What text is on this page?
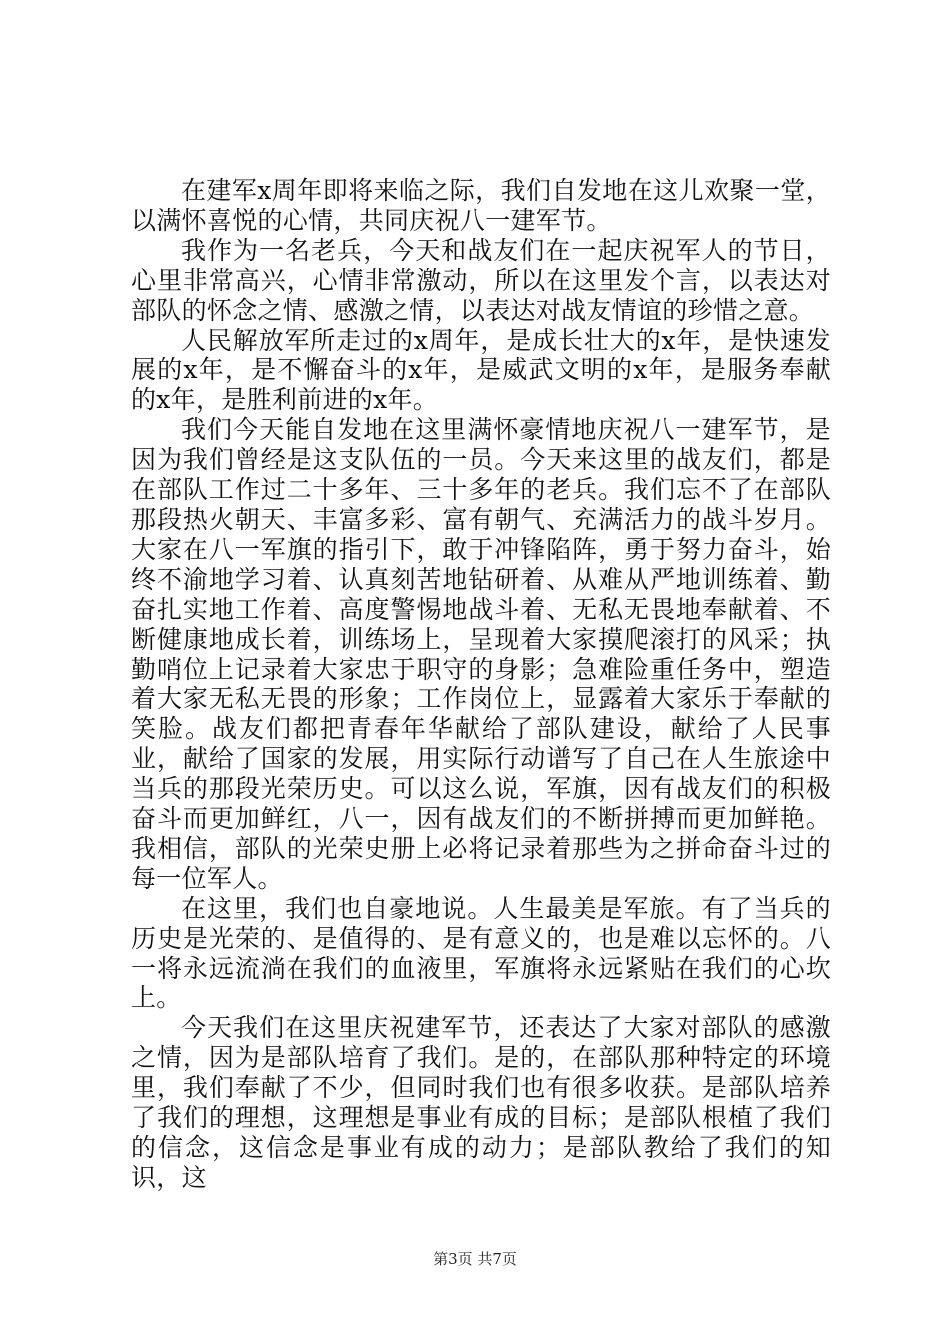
在建军x周年即将来临之际，我们自发地在这儿欢聚一堂，以满怀喜悦的心情，共同庆祝八一建军节。

我作为一名老兵，今天和战友们在一起庆祝军人的节日，心里非常高兴，心情非常激动，所以在这里发个言，以表达对部队的怀念之情、感激之情，以表达对战友情谊的珍惜之意。

人民解放军所走过的x周年，是成长壮大的x年，是快速发展的x年，是不懈奋斗的x年，是威武文明的x年，是服务奉献的x年，是胜利前进的x年。

我们今天能自发地在这里满怀豪情地庆祝八一建军节，是因为我们曾经是这支队伍的一员。今天来这里的战友们，都是在部队工作过二十多年、三十多年的老兵。我们忘不了在部队那段热火朝天、丰富多彩、富有朝气、充满活力的战斗岁月。大家在八一军旗的指引下，敢于冲锋陷阵，勇于努力奋斗，始终不渝地学习着、认真刻苦地钻研着、从难从严地训练着、勤奋扎实地工作着、高度警惕地战斗着、无私无畏地奉献着、不断健康地成长着，训练场上，呈现着大家摸爬滚打的风采；执勤哨位上记录着大家忠于职守的身影；急难险重任务中，塑造着大家无私无畏的形象；工作岗位上，显露着大家乐于奉献的笑脸。战友们都把青春年华献给了部队建设，献给了人民事业，献给了国家的发展，用实际行动谱写了自己在人生旅途中当兵的那段光荣历史。可以这么说，军旗，因有战友们的积极奋斗而更加鲜红，八一，因有战友们的不断拼搏而更加鲜艳。我相信，部队的光荣史册上必将记录着那些为之拼命奋斗过的每一位军人。

在这里，我们也自豪地说。人生最美是军旅。有了当兵的历史是光荣的、是值得的、是有意义的，也是难以忘怀的。八一将永远流淌在我们的血液里，军旗将永远紧贴在我们的心坎上。

今天我们在这里庆祝建军节，还表达了大家对部队的感激之情，因为是部队培育了我们。是的，在部队那种特定的环境里，我们奉献了不少，但同时我们也有很多收获。是部队培养了我们的理想，这理想是事业有成的目标；是部队根植了我们的信念，这信念是事业有成的动力；是部队教给了我们的知识，这

第3页 共7页
